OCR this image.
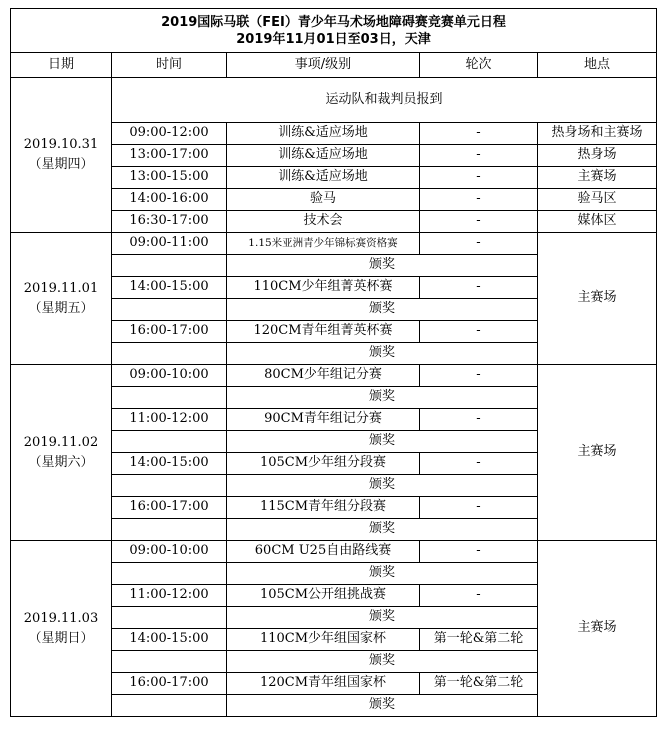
2019国际马联（FEI）青少年马术场地障碍赛竞赛单元日程
2019年11月01日至03日，天津				

日期	时间	事项/级别	轮次	地点

2019.10.31
（星期四）	运动队和裁判员报到			
	09:00-12:00	训练&适应场地	-	热身场和主赛场
	13:00-17:00	训练&适应场地	-	热身场
	13:00-15:00	训练&适应场地	-	主赛场
	14:00-16:00	验马	-	验马区
	16:30-17:00	技术会	-	媒体区

2019.11.01
（星期五）	09:00-11:00	1.15米亚洲青少年锦标赛资格赛	-	主赛场
		颁奖		
	14:00-15:00	110CM少年组菁英杯赛	-	
		颁奖		
	16:00-17:00	120CM青年组菁英杯赛	-	
		颁奖		

2019.11.02
（星期六）	09:00-10:00	80CM少年组记分赛	-	主赛场
		颁奖		
	11:00-12:00	90CM青年组记分赛	-	
		颁奖		
	14:00-15:00	105CM少年组分段赛	-	
		颁奖		
	16:00-17:00	115CM青年组分段赛	-	
		颁奖		

2019.11.03
（星期日）	09:00-10:00	60CM U25自由路线赛	-	主赛场
		颁奖		
	11:00-12:00	105CM公开组挑战赛	-	
		颁奖		
	14:00-15:00	110CM少年组国家杯	第一轮&第二轮	
		颁奖		
	16:00-17:00	120CM青年组国家杯	第一轮&第二轮	
		颁奖		
